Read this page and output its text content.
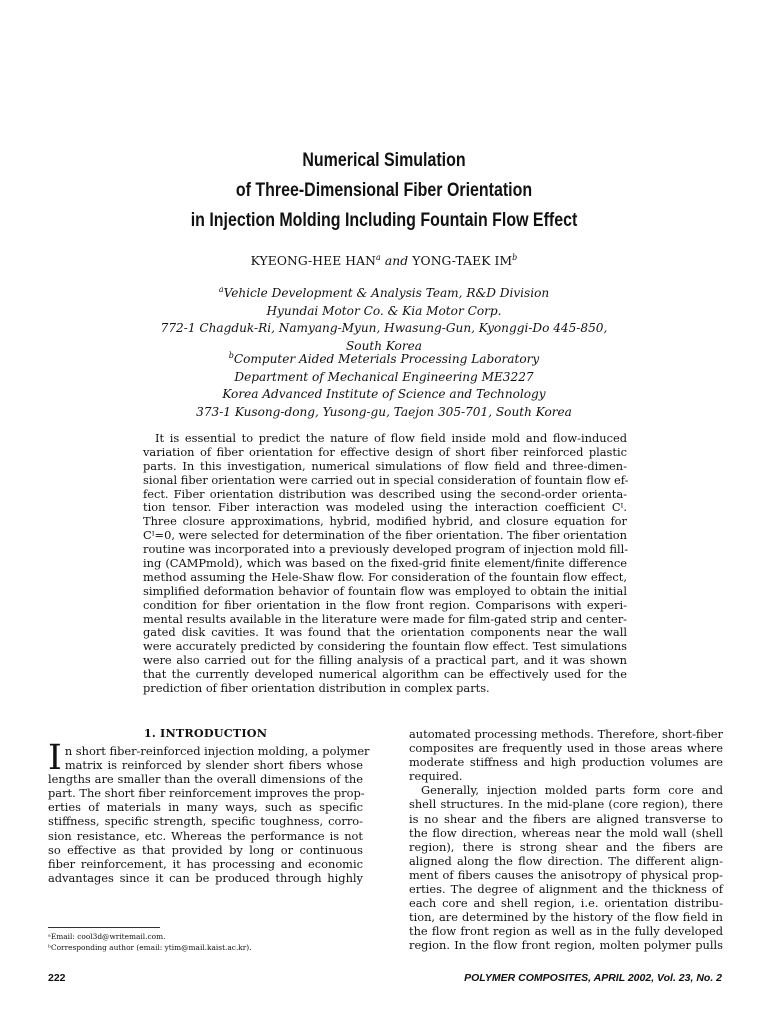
Numerical Simulation
of Three-Dimensional Fiber Orientation
in Injection Molding Including Fountain Flow Effect
KYEONG-HEE HAN$^a$ and YONG-TAEK $IM^b$
$^a$Vehicle Development & Analysis Team, R&D Division
Hyundai Motor Co. & Kia Motor Corp.
772-1 Chagduk-Ri, Namyang-Myun, Hwasung-Gun, Kyonggi-Do 445-850,
South Korea
$^b$Computer Aided Meterials Processing Laboratory
Department of Mechanical Engineering ME3227
Korea Advanced Institute of Science and Technology
373-1 Kusong-dong, Yusong-gu, Taejon 305-701, South Korea
It is essential to predict the nature of flow field inside mold and flow-induced
variation of fiber orientation for effective design of short fiber reinforced plastic
parts. In this investigation, numerical simulations of flow field and three-dimen-
sional fiber orientation were carried out in special consideration of fountain flow ef-
fect. Fiber orientation distribution was described using the second-order orienta-
tion tensor. Fiber interaction was modeled using the interaction coefficient Cᴵ.
Three closure approximations, hybrid, modified hybrid, and closure equation for
Cᴵ=0, were selected for determination of the fiber orientation. The fiber orientation
routine was incorporated into a previously developed program of injection mold fill-
ing (CAMPmold), which was based on the fixed-grid finite element/finite difference
method assuming the Hele-Shaw flow. For consideration of the fountain flow effect,
simplified deformation behavior of fountain flow was employed to obtain the initial
condition for fiber orientation in the flow front region. Comparisons with experi-
mental results available in the literature were made for film-gated strip and center-
gated disk cavities. It was found that the orientation components near the wall
were accurately predicted by considering the fountain flow effect. Test simulations
were also carried out for the filling analysis of a practical part, and it was shown
that the currently developed numerical algorithm can be effectively used for the
prediction of fiber orientation distribution in complex parts.
1. INTRODUCTION
I n short fiber-reinforced injection molding, a polymer
matrix is reinforced by slender short fibers whose
lengths are smaller than the overall dimensions of the
part. The short fiber reinforcement improves the prop-
erties of materials in many ways, such as specific
stiffness, specific strength, specific toughness, corro-
sion resistance, etc. Whereas the performance is not
so effective as that provided by long or continuous
fiber reinforcement, it has processing and economic
advantages since it can be produced through highly
automated processing methods. Therefore, short-fiber
composites are frequently used in those areas where
moderate stiffness and high production volumes are
required.
Generally, injection molded parts form core and
shell structures. In the mid-plane (core region), there
is no shear and the fibers are aligned transverse to
the flow direction, whereas near the mold wall (shell
region), there is strong shear and the fibers are
aligned along the flow direction. The different align-
ment of fibers causes the anisotropy of physical prop-
erties. The degree of alignment and the thickness of
each core and shell region, i.e. orientation distribu-
tion, are determined by the history of the flow field in
the flow front region as well as in the fully developed
region. In the flow front region, molten polymer pulls
ᵃEmail: cool3d@writemail.com.
ᵇCorresponding author (email: ytim@mail.kaist.ac.kr).
222	POLYMER COMPOSITES, APRIL 2002, Vol. 23, No. 2
